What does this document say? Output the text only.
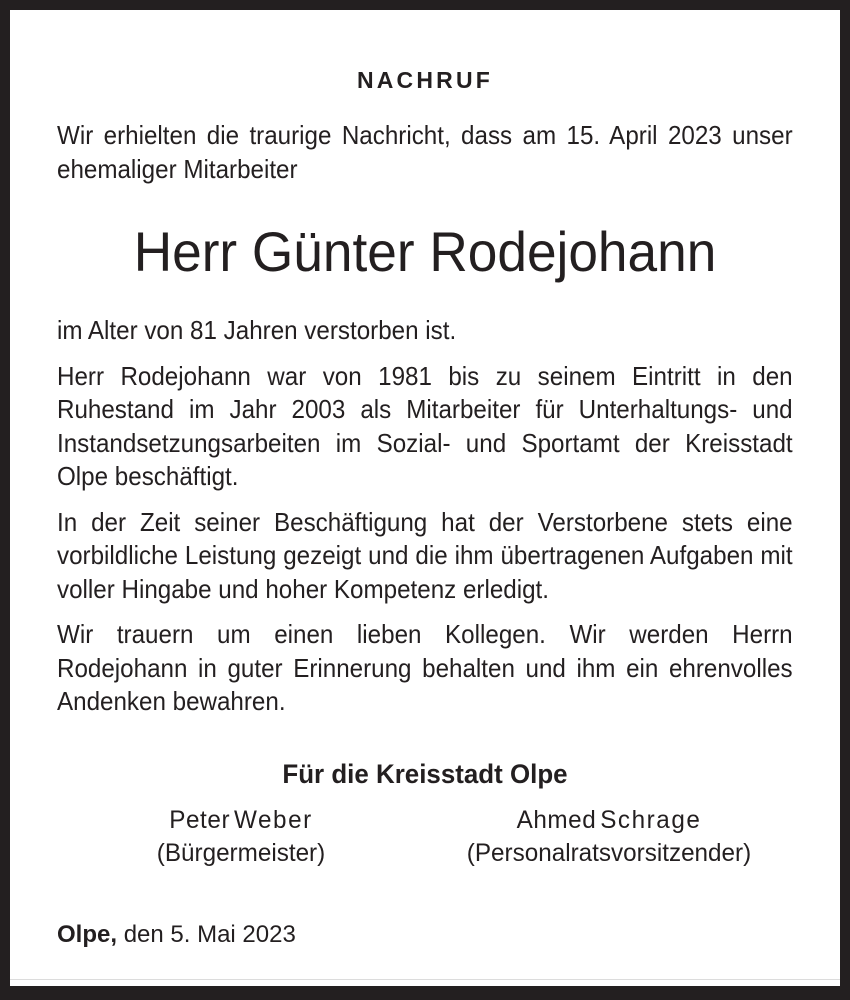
NACHRUF
Wir erhielten die traurige Nachricht, dass am 15. April 2023 unser ehemaliger Mitarbeiter
Herr Günter Rodejohann
im Alter von 81 Jahren verstorben ist.
Herr Rodejohann war von 1981 bis zu seinem Eintritt in den Ruhestand im Jahr 2003 als Mitarbeiter für Unterhaltungs- und Instandsetzungsarbeiten im Sozial- und Sportamt der Kreisstadt Olpe beschäftigt.
In der Zeit seiner Beschäftigung hat der Verstorbene stets eine vorbildliche Leistung gezeigt und die ihm übertragenen Aufgaben mit voller Hingabe und hoher Kompetenz erledigt.
Wir trauern um einen lieben Kollegen. Wir werden Herrn Rodejohann in guter Erinnerung behalten und ihm ein ehrenvolles Andenken bewahren.
Für die Kreisstadt Olpe
Peter Weber
(Bürgermeister)
Ahmed Schrage
(Personalratsvorsitzender)
Olpe, den 5. Mai 2023
